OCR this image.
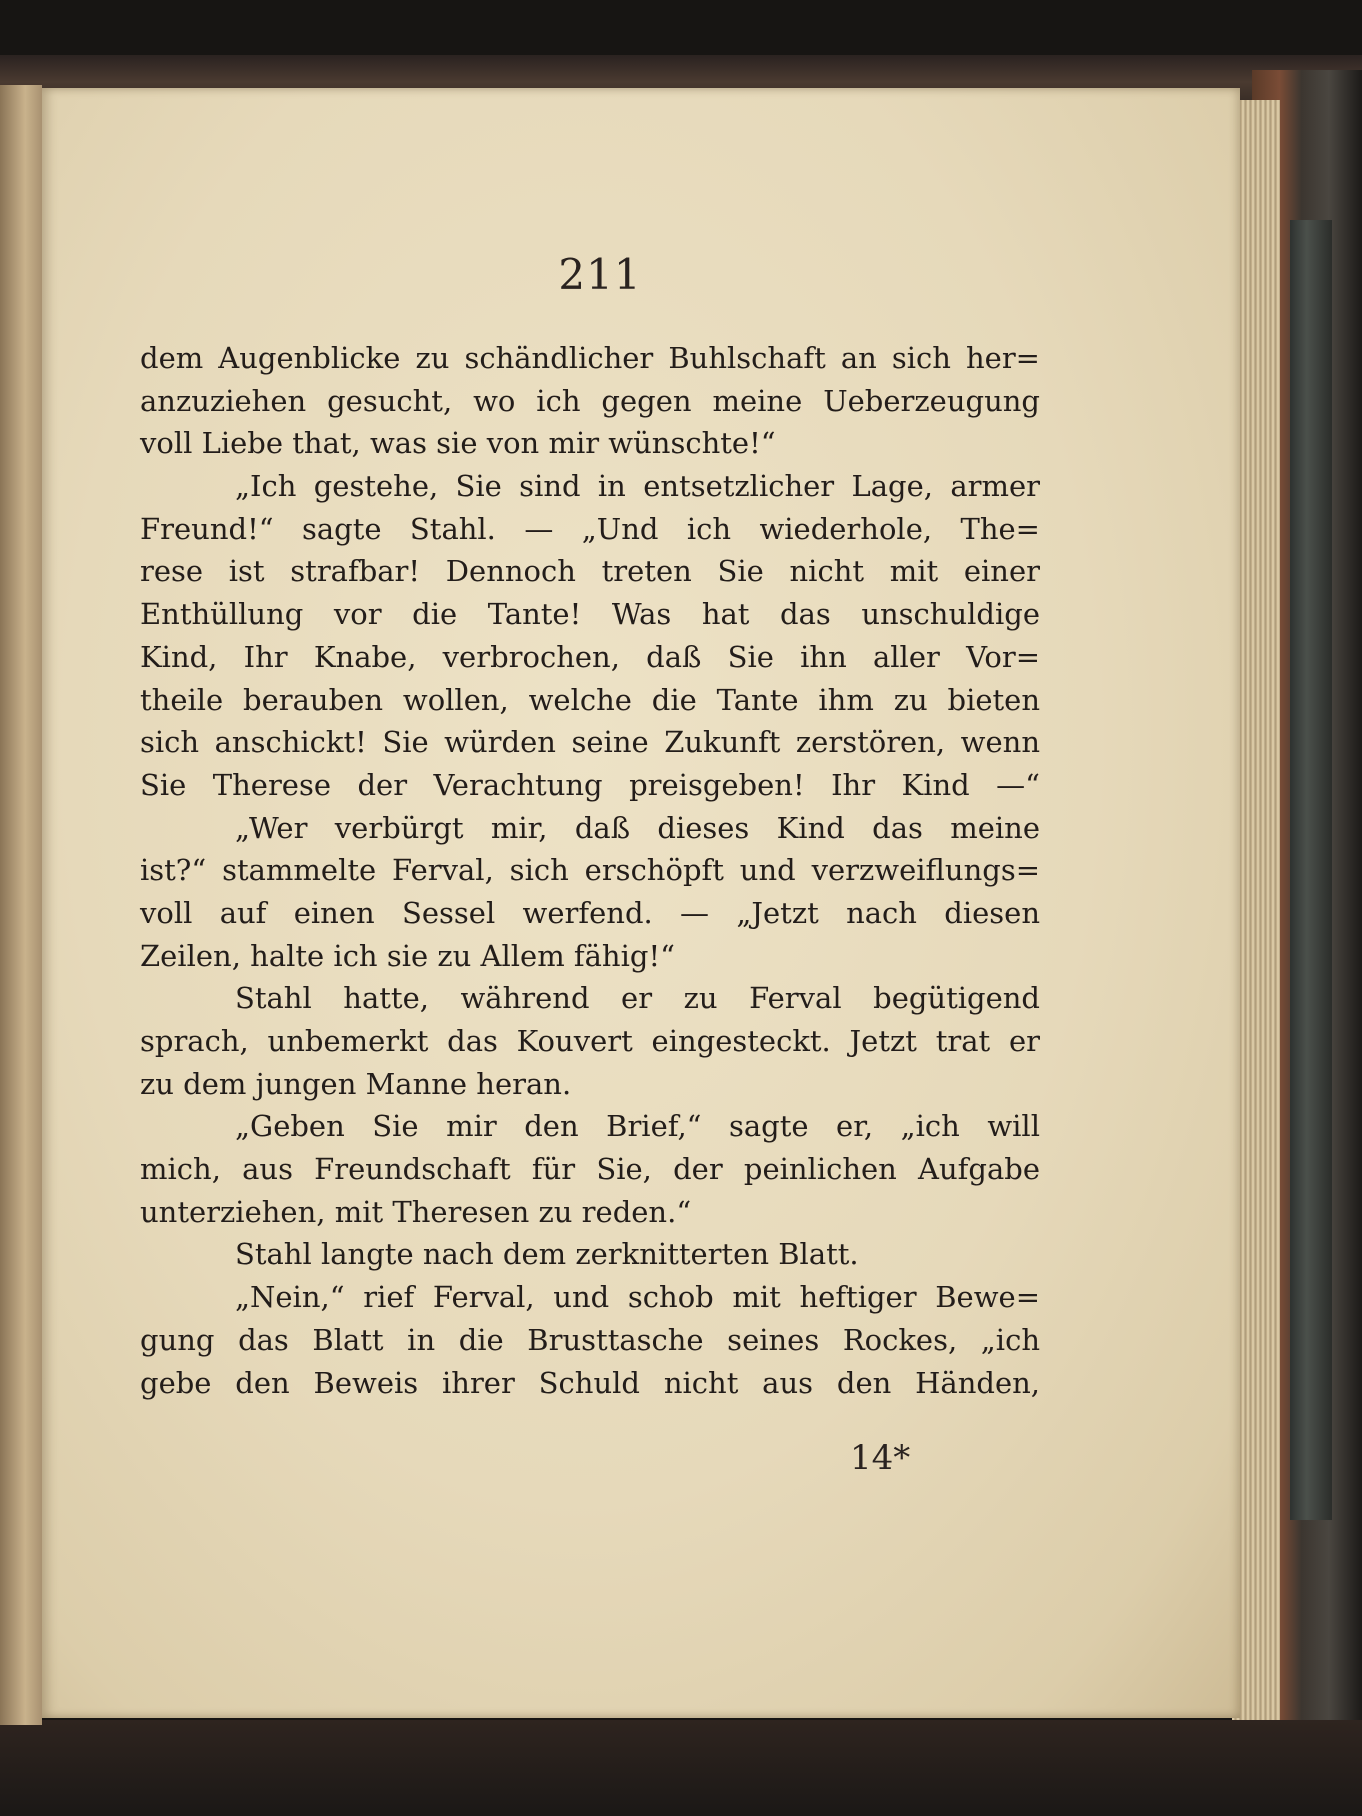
211
dem Augenblicke zu schändlicher Buhlschaft an sich her=
anzuziehen gesucht, wo ich gegen meine Ueberzeugung
voll Liebe that, was sie von mir wünschte!“
„Ich gestehe, Sie sind in entsetzlicher Lage, armer
Freund!“ sagte Stahl. — „Und ich wiederhole, The=
rese ist strafbar! Dennoch treten Sie nicht mit einer
Enthüllung vor die Tante! Was hat das unschuldige
Kind, Ihr Knabe, verbrochen, daß Sie ihn aller Vor=
theile berauben wollen, welche die Tante ihm zu bieten
sich anschickt! Sie würden seine Zukunft zerstören, wenn
Sie Therese der Verachtung preisgeben! Ihr Kind —“
„Wer verbürgt mir, daß dieses Kind das meine
ist?“ stammelte Ferval, sich erschöpft und verzweiflungs=
voll auf einen Sessel werfend. — „Jetzt nach diesen
Zeilen, halte ich sie zu Allem fähig!“
Stahl hatte, während er zu Ferval begütigend
sprach, unbemerkt das Kouvert eingesteckt. Jetzt trat er
zu dem jungen Manne heran.
„Geben Sie mir den Brief,“ sagte er, „ich will
mich, aus Freundschaft für Sie, der peinlichen Aufgabe
unterziehen, mit Theresen zu reden.“
Stahl langte nach dem zerknitterten Blatt.
„Nein,“ rief Ferval, und schob mit heftiger Bewe=
gung das Blatt in die Brusttasche seines Rockes, „ich
gebe den Beweis ihrer Schuld nicht aus den Händen,
14*
